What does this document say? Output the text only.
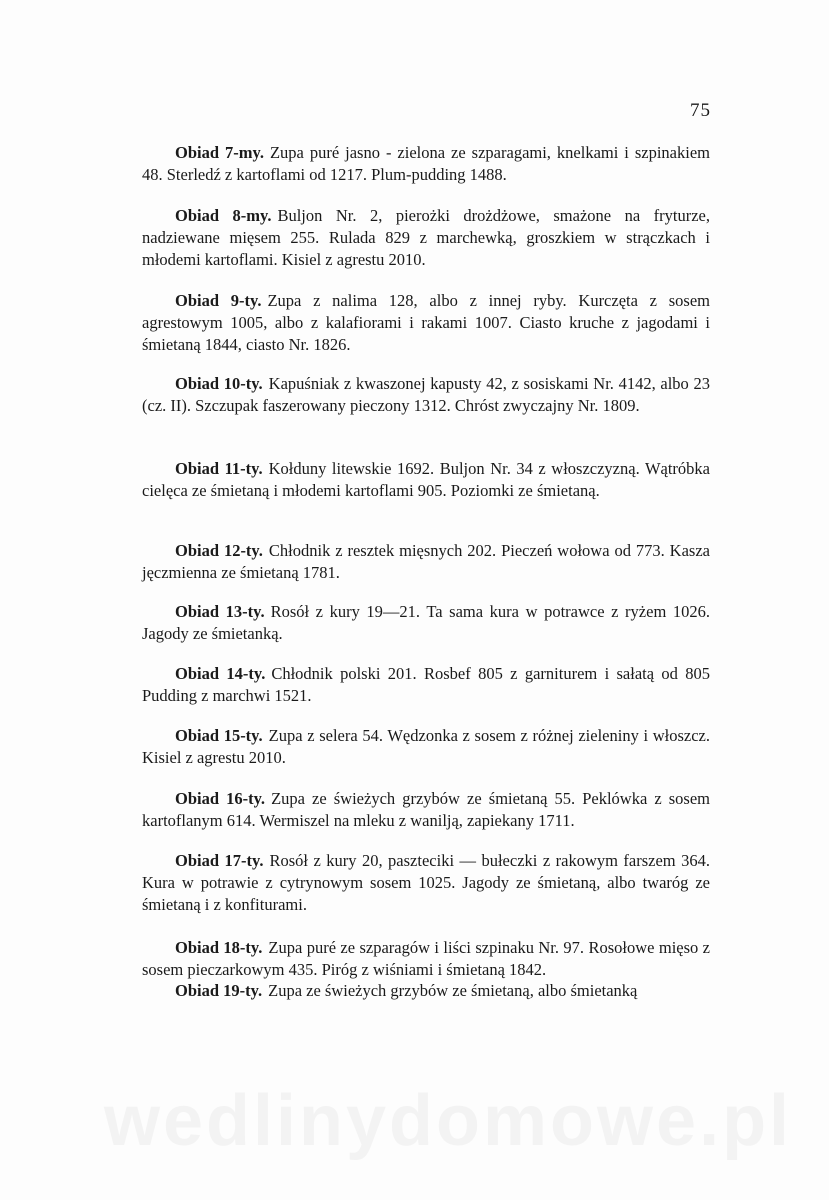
75

Obiad 7-my. Zupa puré jasno - zielona ze szparagami, knelkami i szpinakiem 48. Sterledź z kartoflami od 1217. Plum-pudding 1488.

Obiad 8-my. Buljon Nr. 2, pierożki drożdżowe, smażone na fryturze, nadziewane mięsem 255. Rulada 829 z marchewką, groszkiem w strączkach i młodemi kartoflami. Kisiel z agrestu 2010.

Obiad 9-ty. Zupa z nalima 128, albo z innej ryby. Kurczęta z sosem agrestowym 1005, albo z kalafiorami i rakami 1007. Ciasto kruche z jagodami i śmietaną 1844, ciasto Nr. 1826.

Obiad 10-ty. Kapuśniak z kwaszonej kapusty 42, z sosiskami Nr. 4142, albo 23 (cz. II). Szczupak faszerowany pieczony 1312. Chróst zwyczajny Nr. 1809.

Obiad 11-ty. Kołduny litewskie 1692. Buljon Nr. 34 z włoszczyzną. Wątróbka cielęca ze śmietaną i młodemi kartoflami 905. Poziomki ze śmietaną.

Obiad 12-ty. Chłodnik z resztek mięsnych 202. Pieczeń wołowa od 773. Kasza jęczmienna ze śmietaną 1781.

Obiad 13-ty. Rosół z kury 19—21. Ta sama kura w potrawce z ryżem 1026. Jagody ze śmietanką.

Obiad 14-ty. Chłodnik polski 201. Rosbef 805 z garniturem i sałatą od 805 Pudding z marchwi 1521.

Obiad 15-ty. Zupa z selera 54. Wędzonka z sosem z różnej zieleniny i włoszcz. Kisiel z agrestu 2010.

Obiad 16-ty. Zupa ze świeżych grzybów ze śmietaną 55. Peklówka z sosem kartoflanym 614. Wermiszel na mleku z wanilją, zapiekany 1711.

Obiad 17-ty. Rosół z kury 20, paszteciki — bułeczki z rakowym farszem 364. Kura w potrawie z cytrynowym sosem 1025. Jagody ze śmietaną, albo twaróg ze śmietaną i z konfiturami.

Obiad 18-ty. Zupa puré ze szparagów i liści szpinaku Nr. 97. Rosołowe mięso z sosem pieczarkowym 435. Piróg z wiśniami i śmietaną 1842.

Obiad 19-ty. Zupa ze świeżych grzybów ze śmietaną, albo śmietanką

wedlinydomowe.pl
